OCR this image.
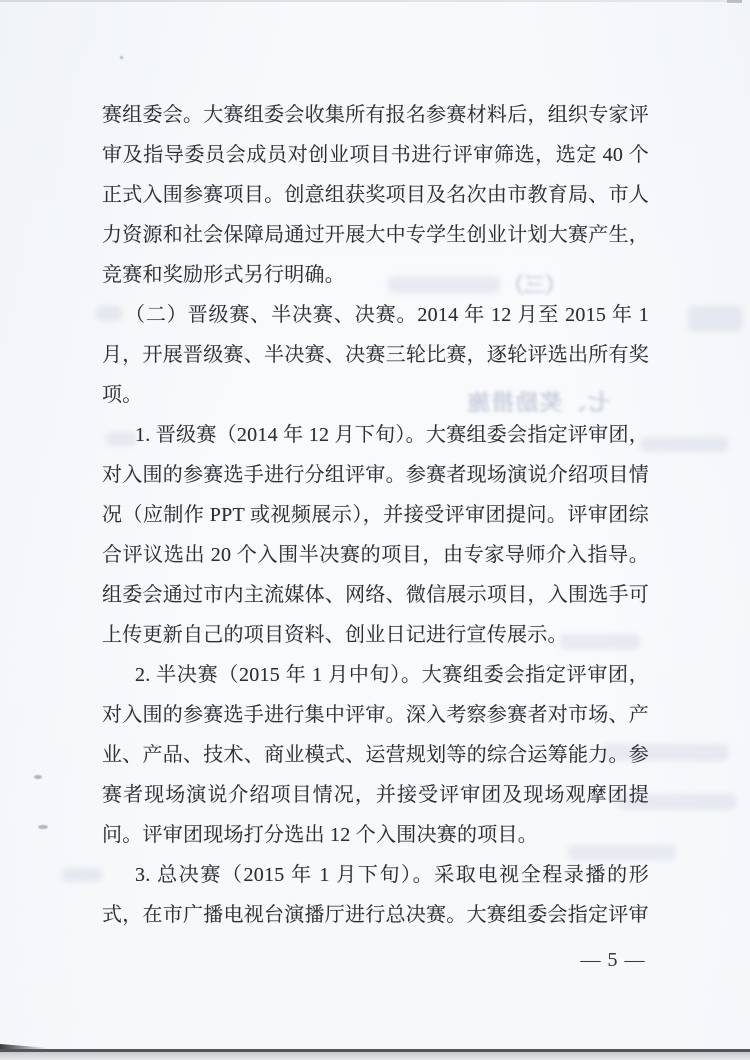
（三）
七、奖励措施

赛组委会。大赛组委会收集所有报名参赛材料后，组织专家评审及指导委员会成员对创业项目书进行评审筛选，选定 40 个正式入围参赛项目。创意组获奖项目及名次由市教育局、市人力资源和社会保障局通过开展大中专学生创业计划大赛产生，竞赛和奖励形式另行明确。

（二）晋级赛、半决赛、决赛。2014 年 12 月至 2015 年 1 月，开展晋级赛、半决赛、决赛三轮比赛，逐轮评选出所有奖项。

1. 晋级赛（2014 年 12 月下旬）。大赛组委会指定评审团，对入围的参赛选手进行分组评审。参赛者现场演说介绍项目情况（应制作 PPT 或视频展示），并接受评审团提问。评审团综合评议选出 20 个入围半决赛的项目，由专家导师介入指导。组委会通过市内主流媒体、网络、微信展示项目，入围选手可上传更新自己的项目资料、创业日记进行宣传展示。

2. 半决赛（2015 年 1 月中旬）。大赛组委会指定评审团，对入围的参赛选手进行集中评审。深入考察参赛者对市场、产业、产品、技术、商业模式、运营规划等的综合运筹能力。参赛者现场演说介绍项目情况，并接受评审团及现场观摩团提问。评审团现场打分选出 12 个入围决赛的项目。

3. 总决赛（2015 年 1 月下旬）。采取电视全程录播的形式，在市广播电视台演播厅进行总决赛。大赛组委会指定评审

— 5 —
